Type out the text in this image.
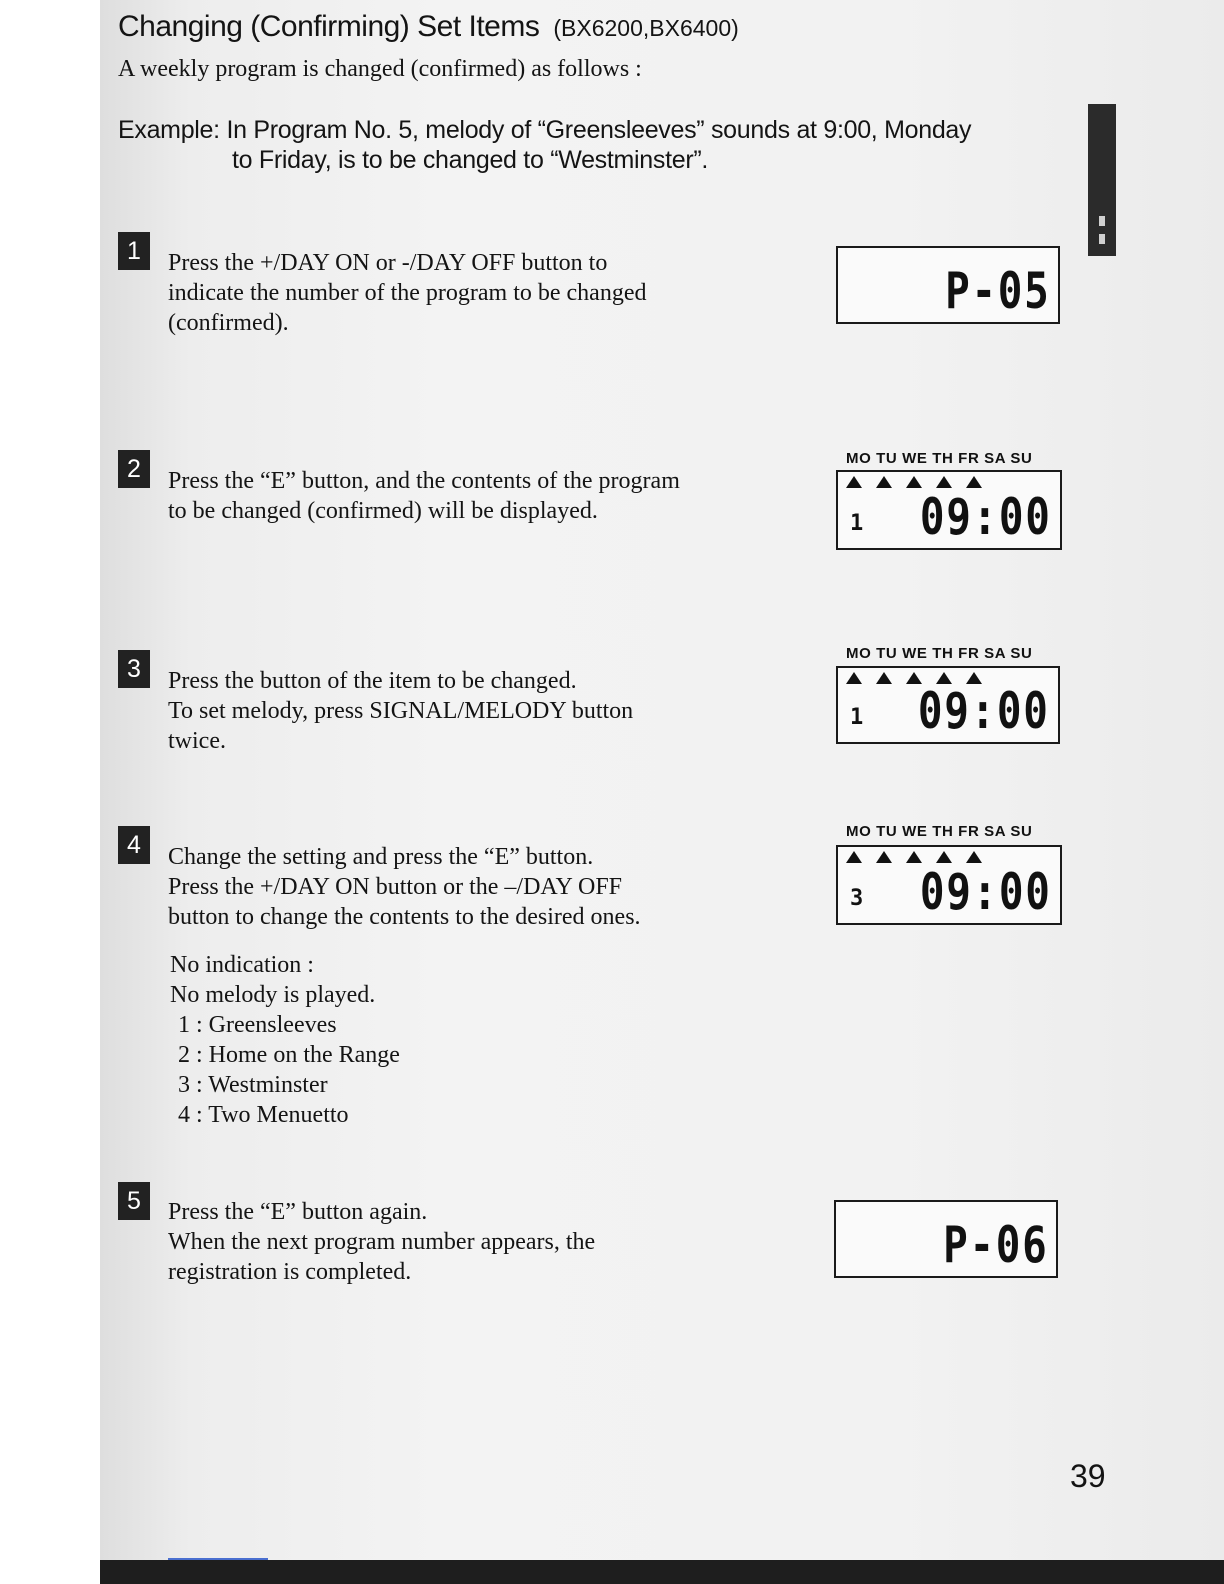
Changing (Confirming) Set Items (BX6200,BX6400)
A weekly program is changed (confirmed) as follows :
Example: In Program No. 5, melody of “Greensleeves” sounds at 9:00, Monday
to Friday, is to be changed to “Westminster”.
1	Press the +/DAY ON or -/DAY OFF button to
indicate the number of the program to be changed
(confirmed).
P-05
2	Press the “E” button, and the contents of the program
to be changed (confirmed) will be displayed.
MO TU WE TH FR SA SU
1 09:00
3	Press the button of the item to be changed.
To set melody, press SIGNAL/MELODY button
twice.
MO TU WE TH FR SA SU
1 09:00
4	Change the setting and press the “E” button.
Press the +/DAY ON button or the –/DAY OFF
button to change the contents to the desired ones.
MO TU WE TH FR SA SU
3 09:00
No indication :
No melody is played.
1 : Greensleeves
2 : Home on the Range
3 : Westminster
4 : Two Menuetto
5	Press the “E” button again.
When the next program number appears, the
registration is completed.	P-06
39
